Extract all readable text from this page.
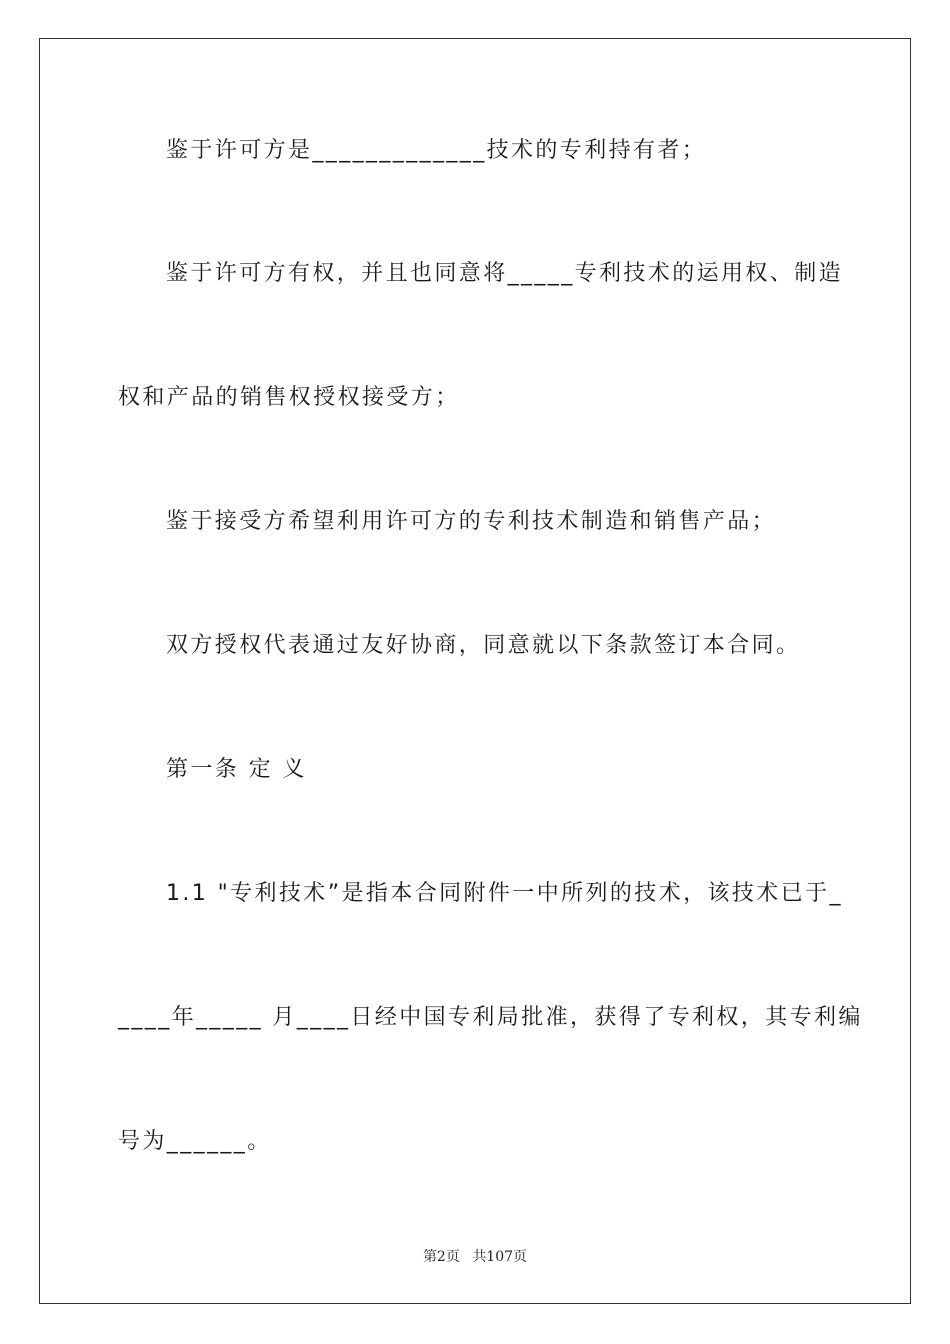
鉴于许可方是_____________技术的专利持有者；
鉴于许可方有权，并且也同意将_____专利技术的运用权、制造
权和产品的销售权授权接受方；
鉴于接受方希望利用许可方的专利技术制造和销售产品；
双方授权代表通过友好协商，同意就以下条款签订本合同。
第一条 定 义
1.1 "专利技术”是指本合同附件一中所列的技术，该技术已于_
____年_____ 月____日经中国专利局批准，获得了专利权，其专利编
号为______。
第2页 共107页
